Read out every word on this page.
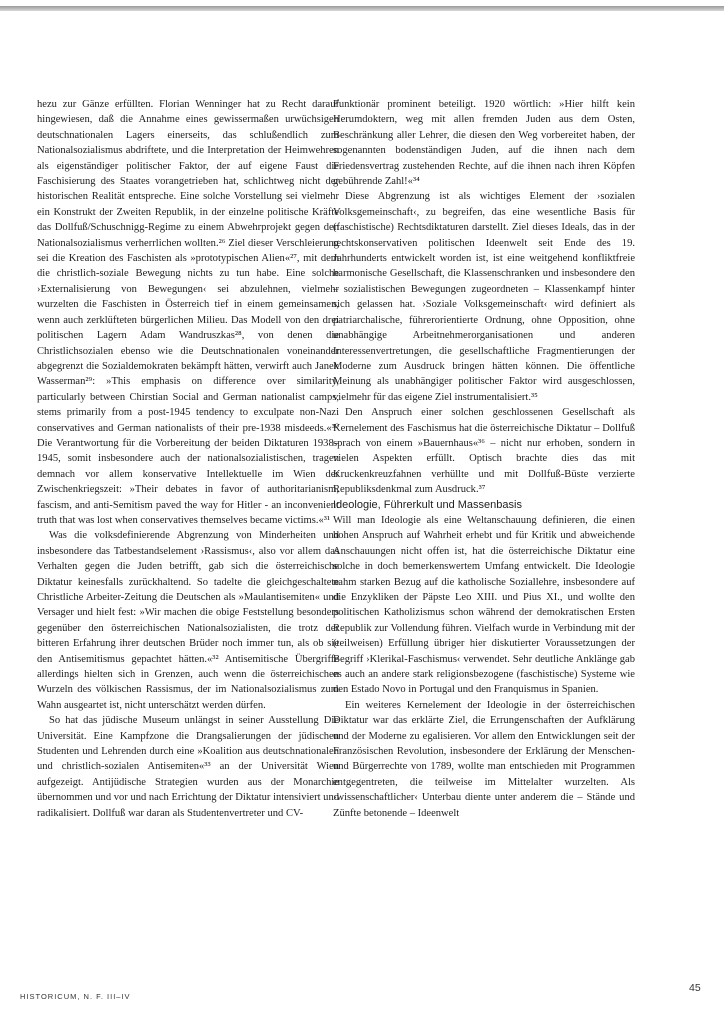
hezu zur Gänze erfüllten. Florian Wenninger hat zu Recht darauf hingewiesen, daß die Annahme eines gewissermaßen urwüchsigen deutschnationalen Lagers einerseits, das schlußendlich zum Nationalsozialismus abdriftete, und die Interpretation der Heimwehren als eigenständiger politischer Faktor, der auf eigene Faust die Faschisierung des Staates vorangetrieben hat, schlichtweg nicht der historischen Realität entspreche. Eine solche Vorstellung sei vielmehr ein Konstrukt der Zweiten Republik, in der einzelne politische Kräfte das Dollfuß/Schuschnigg-Regime zu einem Abwehrprojekt gegen den Nationalsozialismus verherrlichen wollten.²⁶ Ziel dieser Verschleierung sei die Kreation des Faschisten als »prototypischen Alien«²⁷, mit dem die christlich-soziale Bewegung nichts zu tun habe. Eine solche ›Externalisierung von Bewegungen‹ sei abzulehnen, vielmehr wurzelten die Faschisten in Österreich tief in einem gemeinsamen, wenn auch zerklüfteten bürgerlichen Milieu. Das Modell von den drei politischen Lagern Adam Wandruszkas²⁸, von denen die Christlichsozialen ebenso wie die Deutschnationalen voneinander abgegrenzt die Sozialdemokraten bekämpft hätten, verwirft auch Janek Wasserman²⁹: »This emphasis on difference over similarity, particularly between Chirstian Social and German nationalist camps, stems primarily from a post-1945 tendency to exculpate non-Nazi conservatives and German nationalists of their pre-1938 misdeeds.«³⁰ Die Verantwortung für die Vorbereitung der beiden Diktaturen 1938–1945, somit insbesondere auch der nationalsozialistischen, tragen demnach vor allem konservative Intellektuelle im Wien der Zwischenkriegszeit: »Their debates in favor of authoritarianism, fascism, and anti-Semitism paved the way for Hitler - an inconvenient truth that was lost when conservatives themselves became victims.«³¹

Was die volksdefinierende Abgrenzung von Minderheiten und insbesondere das Tatbestandselement ›Rassismus‹, also vor allem das Verhalten gegen die Juden betrifft, gab sich die österreichische Diktatur keinesfalls zurückhaltend. So tadelte die gleichgeschaltete Christliche Arbeiter-Zeitung die Deutschen als »Maulantisemiten« und Versager und hielt fest: »Wir machen die obige Feststellung besonders gegenüber den österreichischen Nationalsozialisten, die trotz der bitteren Erfahrung ihrer deutschen Brüder noch immer tun, als ob sie den Antisemitismus gepachtet hätten.«³² Antisemitische Übergriffe allerdings hielten sich in Grenzen, auch wenn die österreichischen Wurzeln des völkischen Rassismus, der im Nationalsozialismus zum Wahn ausgeartet ist, nicht unterschätzt werden dürfen.

So hat das jüdische Museum unlängst in seiner Ausstellung Die Universität. Eine Kampfzone die Drangsalierungen der jüdischen Studenten und Lehrenden durch eine »Koalition aus deutschnationalen und christlich-sozialen Antisemiten«³³ an der Universität Wien aufgezeigt. Antijüdische Strategien wurden aus der Monarchie übernommen und vor und nach Errichtung der Diktatur intensiviert und radikalisiert. Dollfuß war daran als Studentenvertreter und CV-

Funktionär prominent beteiligt. 1920 wörtlich: »Hier hilft kein Herumdoktern, weg mit allen fremden Juden aus dem Osten, Beschränkung aller Lehrer, die diesen den Weg vorbereitet haben, der sogenannten bodenständigen Juden, auf die ihnen nach dem Friedensvertrag zustehenden Rechte, auf die ihnen nach ihren Köpfen gebührende Zahl!«³⁴

Diese Abgrenzung ist als wichtiges Element der ›sozialen Volksgemeinschaft‹, zu begreifen, das eine wesentliche Basis für (faschistische) Rechtsdiktaturen darstellt. Ziel dieses Ideals, das in der rechtskonservativen politischen Ideenwelt seit Ende des 19. Jahrhunderts entwickelt worden ist, ist eine weitgehend konfliktfreie harmonische Gesellschaft, die Klassenschranken und insbesondere den – sozialistischen Bewegungen zugeordneten – Klassenkampf hinter sich gelassen hat. ›Soziale Volksgemeinschaft‹ wird definiert als patriarchalische, führerorientierte Ordnung, ohne Opposition, ohne unabhängige Arbeitnehmerorganisationen und anderen Interessenvertretungen, die gesellschaftliche Fragmentierungen der Moderne zum Ausdruck bringen hätten können. Die öffentliche Meinung als unabhängiger politischer Faktor wird ausgeschlossen, vielmehr für das eigene Ziel instrumentalisiert.³⁵

Den Anspruch einer solchen geschlossenen Gesellschaft als Kernelement des Faschismus hat die österreichische Diktatur – Dollfuß sprach von einem »Bauernhaus«³⁶ – nicht nur erhoben, sondern in vielen Aspekten erfüllt. Optisch brachte dies das mit Kruckenkreuzfahnen verhüllte und mit Dollfuß-Büste verzierte Republiksdenkmal zum Ausdruck.³⁷

Ideologie, Führerkult und Massenbasis

Will man Ideologie als eine Weltanschauung definieren, die einen hohen Anspruch auf Wahrheit erhebt und für Kritik und abweichende Anschauungen nicht offen ist, hat die österreichische Diktatur eine solche in doch bemerkenswertem Umfang entwickelt. Die Ideologie nahm starken Bezug auf die katholische Soziallehre, insbesondere auf die Enzykliken der Päpste Leo XIII. und Pius XI., und wollte den politischen Katholizismus schon während der demokratischen Ersten Republik zur Vollendung führen. Vielfach wurde in Verbindung mit der (teilweisen) Erfüllung übriger hier diskutierter Voraussetzungen der Begriff ›Klerikal-Faschismus‹ verwendet. Sehr deutliche Anklänge gab es auch an andere stark religionsbezogene (faschistische) Systeme wie den Estado Novo in Portugal und den Franquismus in Spanien.

Ein weiteres Kernelement der Ideologie in der österreichischen Diktatur war das erklärte Ziel, die Errungenschaften der Aufklärung und der Moderne zu egalisieren. Vor allem den Entwicklungen seit der Französischen Revolution, insbesondere der Erklärung der Menschen- und Bürgerrechte von 1789, wollte man entschieden mit Programmen entgegentreten, die teilweise im Mittelalter wurzelten. Als ›wissenschaftlicher‹ Unterbau diente unter anderem die – Stände und Zünfte betonende – Ideenwelt

HISTORICUM, N. F. III–IV
45
